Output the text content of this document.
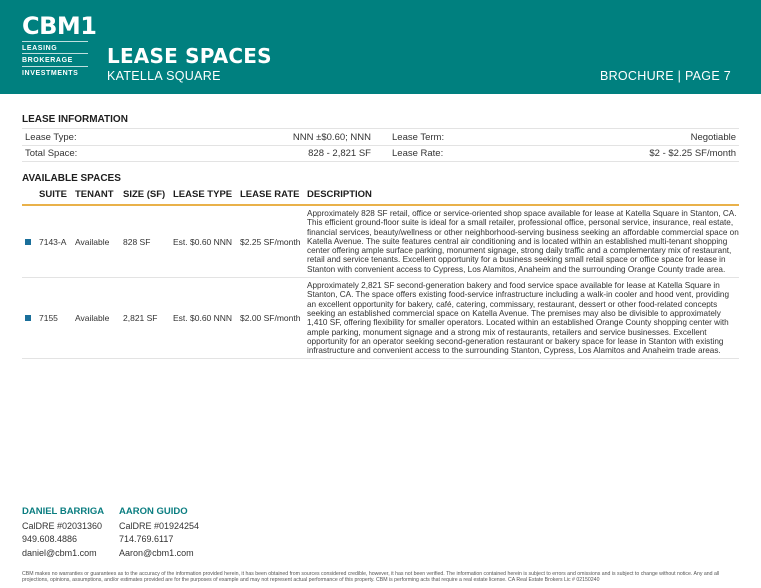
CBM1
LEASING
BROKERAGE
INVESTMENTS
LEASE SPACES
KATELLA SQUARE	BROCHURE | PAGE 7
LEASE INFORMATION
Lease Type:	NNN ±$0.60; NNN Lease Term:	Negotiable
Total Space:	828 - 2,821 SF Lease Rate:	$2 - $2.25 SF/month
AVAILABLE SPACES
	SUITE	TENANT	SIZE (SF)	LEASE TYPE	LEASE RATE	DESCRIPTION
	7143-A	Available	828 SF	Est. $0.60 NNN	$2.25 SF/month	Approximately 828 SF retail, office or service-oriented shop space available for lease at Katella Square in Stanton, CA. This efficient ground-floor suite is ideal for a small retailer, professional office, personal service, insurance, real estate, financial services, beauty/wellness or other neighborhood-serving business seeking an affordable commercial space on Katella Avenue. The suite features central air conditioning and is located within an established multi-tenant shopping center offering ample surface parking, monument signage, strong daily traffic and a complementary mix of restaurant, retail and service tenants. Excellent opportunity for a business seeking small retail space or office space for lease in Stanton with convenient access to Cypress, Los Alamitos, Anaheim and the surrounding Orange County trade area.
	7155	Available	2,821 SF	Est. $0.60 NNN	$2.00 SF/month	Approximately 2,821 SF second-generation bakery and food service space available for lease at Katella Square in Stanton, CA. The space offers existing food-service infrastructure including a walk-in cooler and hood vent, providing an excellent opportunity for bakery, café, catering, commissary, restaurant, dessert or other food-related concepts seeking an established commercial space on Katella Avenue. The premises may also be divisible to approximately 1,410 SF, offering flexibility for smaller operators. Located within an established Orange County shopping center with ample parking, monument signage and a strong mix of restaurants, retailers and service businesses. Excellent opportunity for an operator seeking second-generation restaurant or bakery space for lease in Stanton with existing infrastructure and convenient access to the surrounding Stanton, Cypress, Los Alamitos and Anaheim trade areas.
DANIEL BARRIGA
CalDRE #02031360
949.608.4886
daniel@cbm1.com
AARON GUIDO
CalDRE #01924254
714.769.6117
Aaron@cbm1.com
CBM makes no warranties or guarantees as to the accuracy of the information provided herein, it has been obtained from sources considered credible, however, it has not been verified. The information contained herein is subject to errors and omissions and is subject to change without notice. Any and all projections, opinions, assumptions, and/or estimates provided are for the purposes of example and may not represent actual performance of this property. CBM is performing acts that require a real estate license. CA Real Estate Brokers Lic # 02150240
